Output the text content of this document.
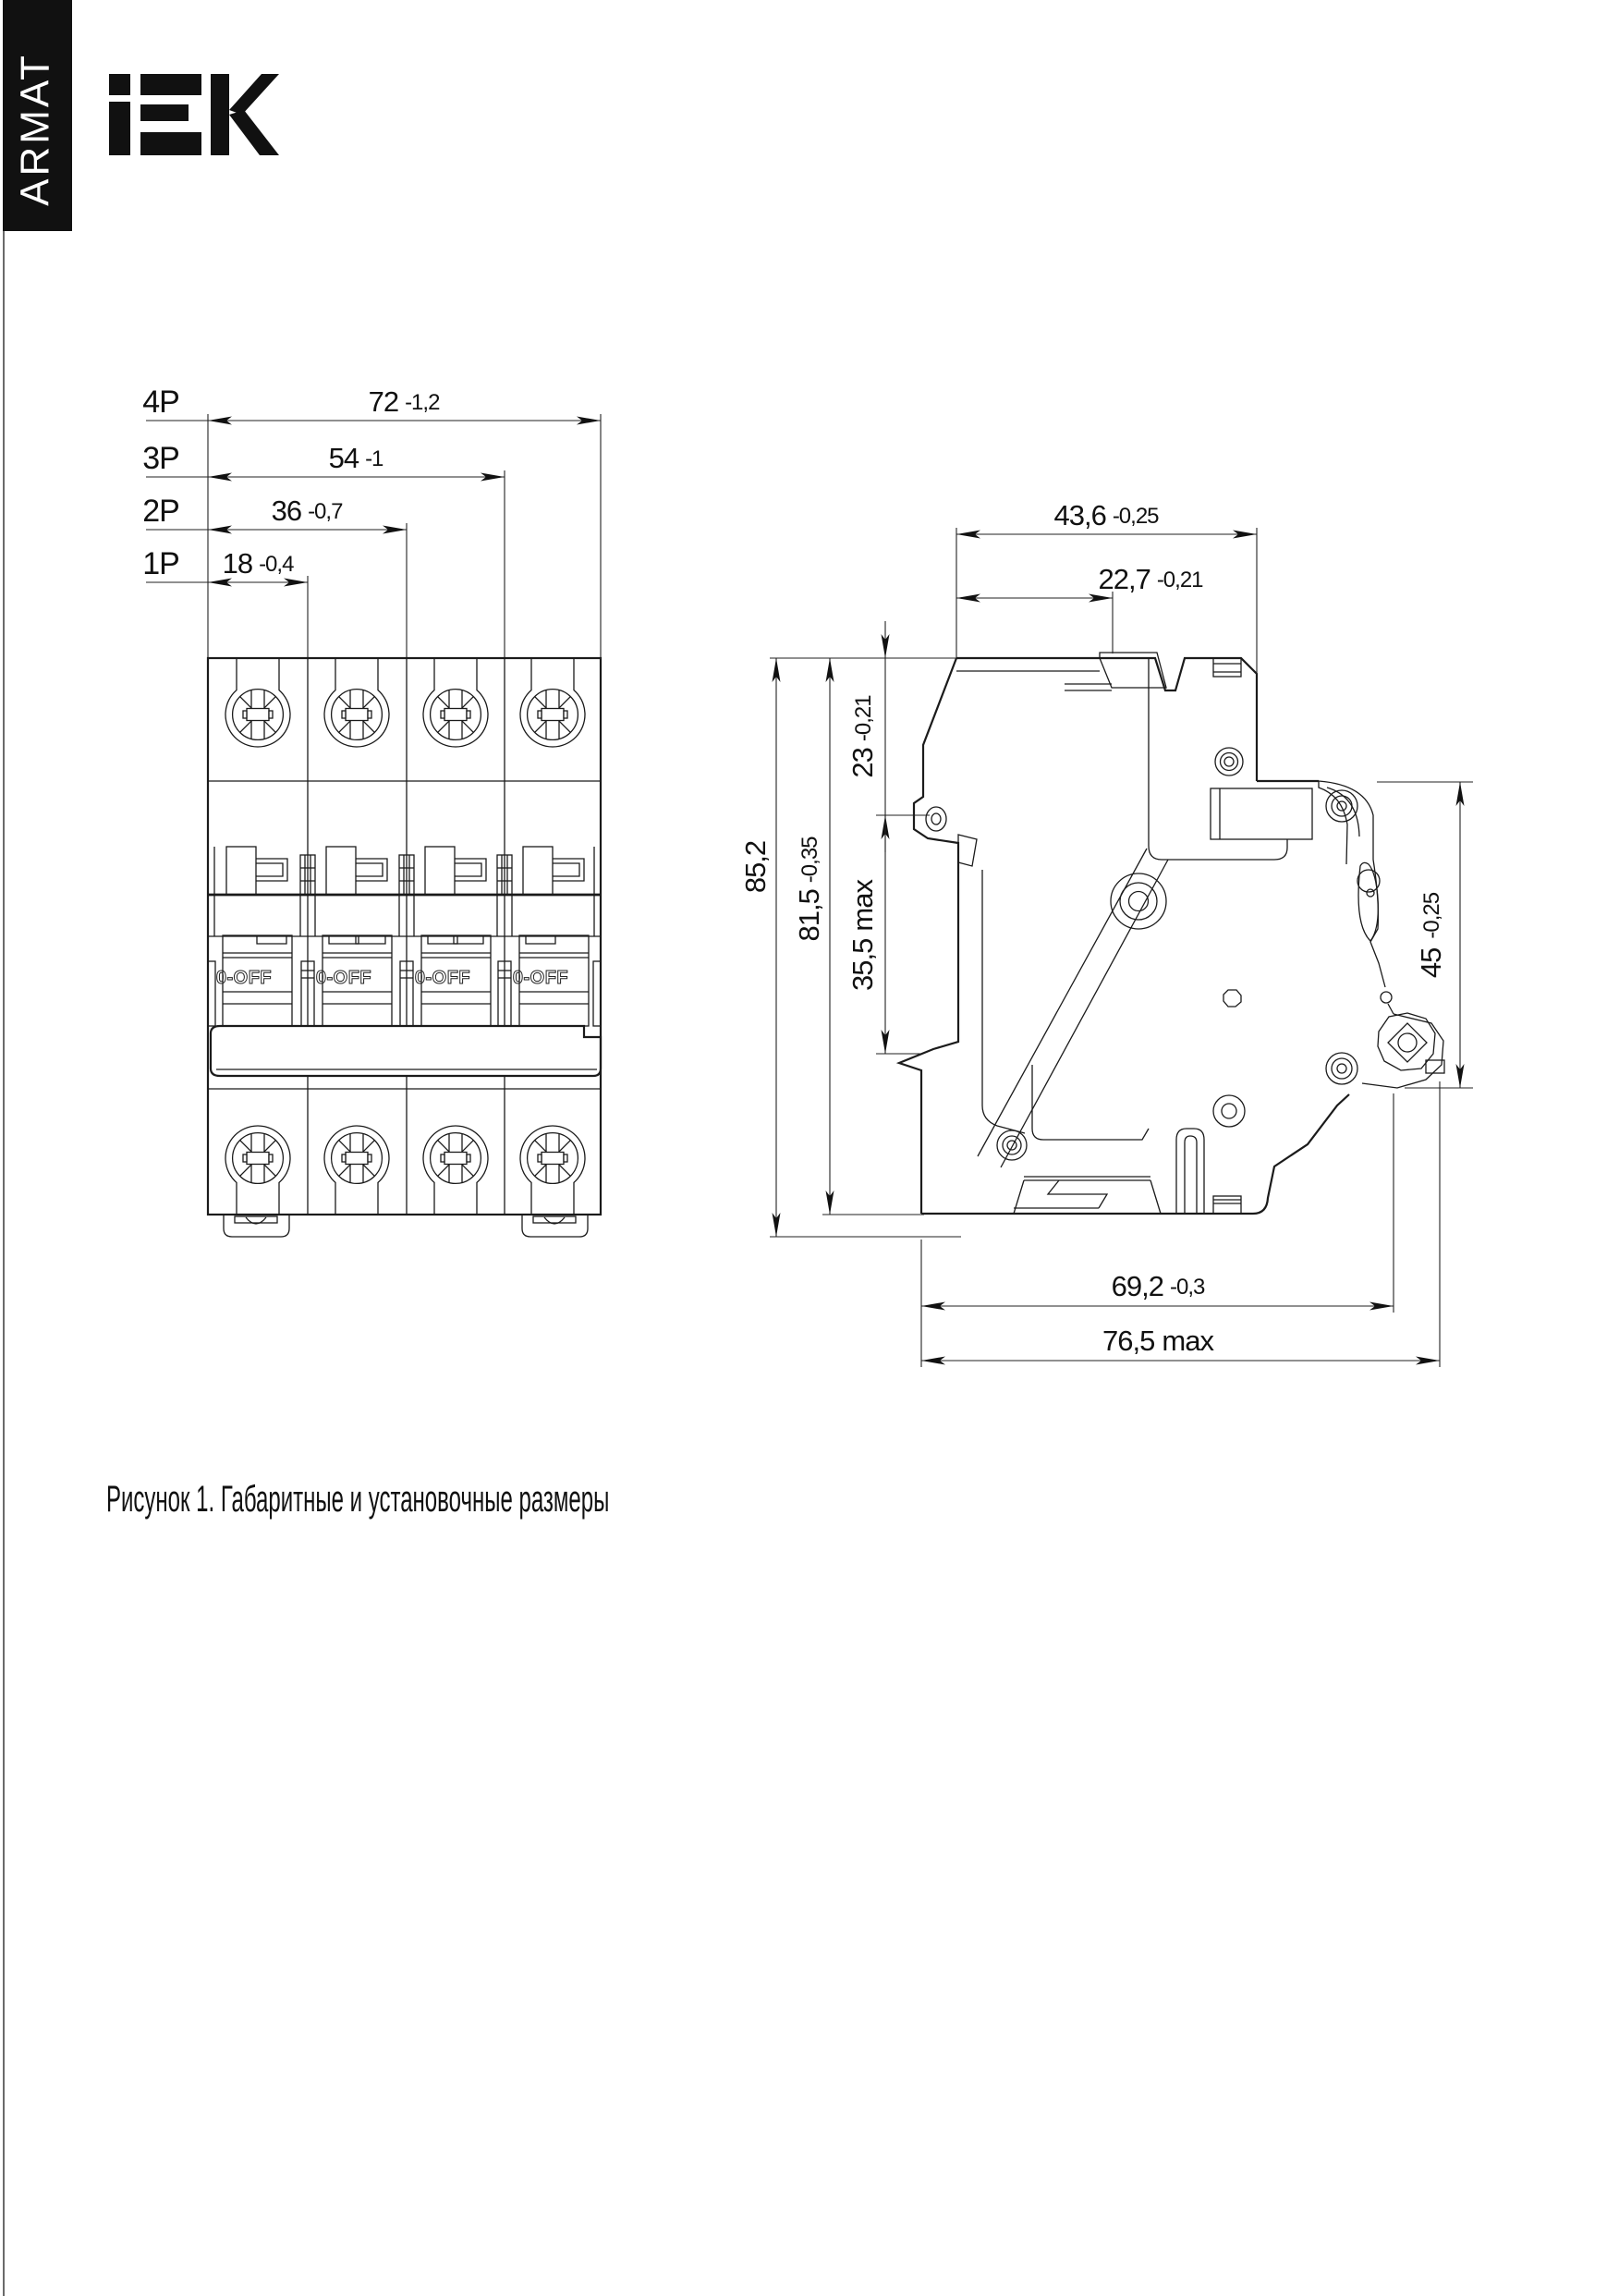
ARMAT
4P	72 -1,2
3P	54 -1
2P	36 -0,7
1P 18 -0,4
0-OFF 0-OFF 0-OFF 0-OFF
43,6 -0,25
22,7 -0,21
85,2
81,5-0,35
23-0,21
35,5max
45-0,25
69,2 -0,3
76,5 max
Рисунок 1. Габаритные и установочные размеры
